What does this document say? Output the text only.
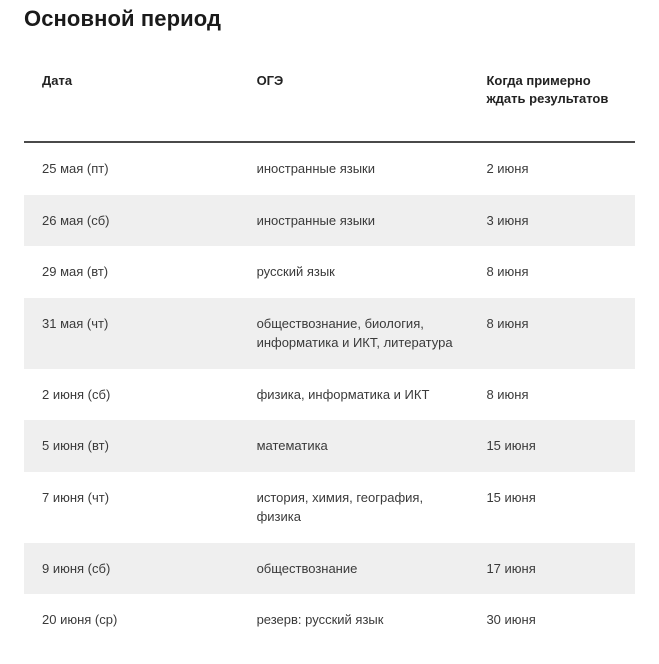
Основной период
Дата	ОГЭ	Когда примерно ждать результатов
25 мая (пт)	иностранные языки	2 июня
26 мая (сб)	иностранные языки	3 июня
29 мая (вт)	русский язык	8 июня
31 мая (чт)	обществознание, биология, информатика и ИКТ, литература	8 июня
2 июня (сб)	физика, информатика и ИКТ	8 июня
5 июня (вт)	математика	15 июня
7 июня (чт)	история, химия, география, физика	15 июня
9 июня (сб)	обществознание	17 июня
20 июня (ср)	резерв: русский язык	30 июня
